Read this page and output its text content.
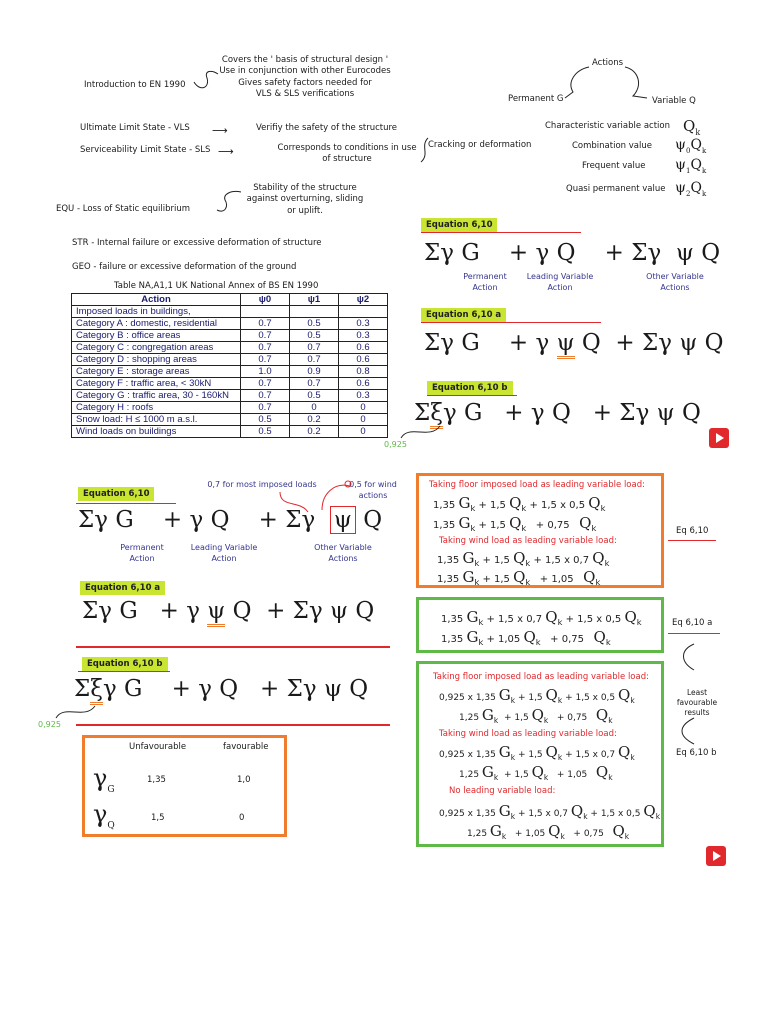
Introduction to EN 1990
Covers the ' basis of structural design '
Use in conjunction with other Eurocodes
Gives safety factors needed for
VLS & SLS verifications
Actions
Permanent G	Variable Q
Ultimate Limit State - VLS ⟶	Verifiy the safety of the structure
Serviceability Limit State - SLS ⟶	Corresponds to conditions in use
of structure
Cracking or deformation
Characteristic variable action $Q_k$
Combination value $\psi_0Q_k$
Frequent value $\psi_1Q_k$
Quasi permanent value $\psi_2Q_k$
EQU - Loss of Static equilibrium
Stability of the structure
against overturning, sliding
or uplift.
STR - Internal failure or excessive deformation of structure
GEO - failure or excessive deformation of the ground
Table NA,A1,1 UK National Annex of BS EN 1990
Action	ψ0	ψ1	ψ2
Imposed loads in buildings,			
Category A : domestic, residential	0.7	0.5	0.3
Category B : office areas	0.7	0.5	0.3
Category C : congregation areas	0.7	0.7	0.6
Category D : shopping areas	0.7	0.7	0.6
Category E : storage areas	1.0	0.9	0.8
Category F : traffic area, < 30kN	0.7	0.7	0.6
Category G : traffic area, 30 - 160kN	0.7	0.5	0.3
Category H : roofs	0.7	0	0
Snow load: H ≤ 1000 m a.s.l.	0.5	0.2	0
Wind loads on buildings	0.5	0.2	0
Equation 6,10
Σγ G    + γ Q    + Σγ  ψ Q
Permanent Action
Leading Variable Action
Other Variable Actions
Equation 6,10 a
Σγ G    + γ ψ Q  + Σγ ψ Q
Equation 6,10 b
Σξγ G   + γ Q   + Σγ ψ Q
0,925
0,7 for most imposed loads	0,5 for wind actions
Equation 6,10
Σγ G    + γ Q    + Σγ  ψ Q
Permanent Action
Leading Variable Action
Other Variable Actions
Equation 6,10 a
Σγ G   + γ ψ Q  + Σγ ψ Q
Equation 6,10 b
Σξγ G    + γ Q   + Σγ ψ Q
0,925
Unfavourable	favourable
$\gamma_G$
1,35	1,0
$\gamma_Q$
1,5	0
Taking floor imposed load as leading variable load:
1,35 $G_k + 1,5$ $Q_k + 1,5$ x 0,5 $Q_k$
1,35 $G_k + 1,5$ $Q_k + 0,75$ $Q_k$
Taking wind load as leading variable load:
1,35 $G_k + 1,5$ $Q_k + 1,5$ x 0,7 $Q_k$
1,35 $G_k + 1,5$ $Q_k + 1,05$ $Q_k$
Eq 6,10
1,35 $G_k + 1,5$ x 0,7 $Q_k + 1,5$ x 0,5 $Q_k$
1,35 $G_k + 1,05$ $Q_k + 0,75$ $Q_k$
Eq 6,10 a
Taking floor imposed load as leading variable load:
0,925 x 1,35 $G_k + 1,5$ $Q_k + 1,5$ x 0,5 $Q_k$
1,25 $G_k + 1,5$ $Q_k + 0,75$ $Q_k$
Taking wind load as leading variable load:
0,925 x 1,35 $G_k + 1,5$ $Q_k + 1,5$ x 0,7 $Q_k$
1,25 $G_k + 1,5$ $Q_k + 1,05$ $Q_k$
No leading variable load:
0,925 x 1,35 $G_k + 1,5$ x 0,7 $Q_k + 1,5$ x 0,5 $Q_k$
1,25 $G_k + 1,05$ $Q_k + 0,75$ $Q_k$
Least favourable results
Eq 6,10 b
